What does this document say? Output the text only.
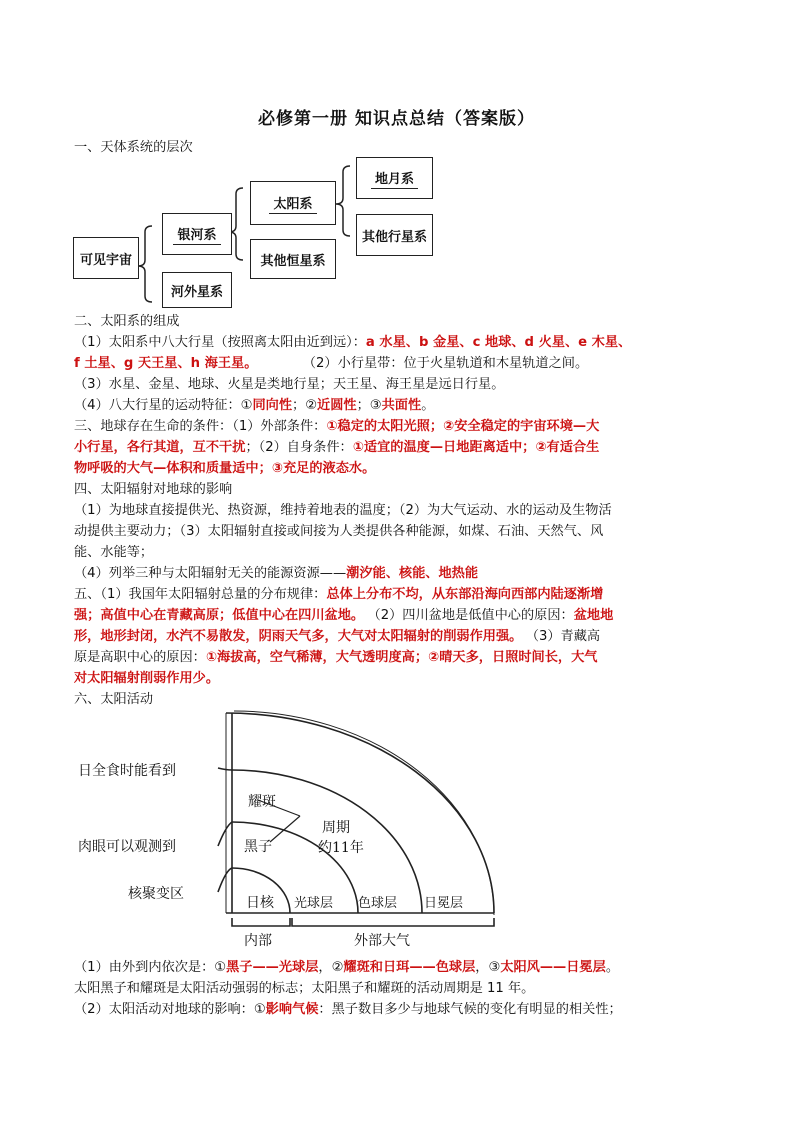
必修第一册 知识点总结（答案版）
一、天体系统的层次
可见宇宙
银河系
河外星系
太阳系
其他恒星系
地月系
其他行星系
二、太阳系的组成
（1）太阳系中八大行星（按照离太阳由近到远）：a 水星、b 金星、c 地球、d 火星、e 木星、
f 土星、g 天王星、h 海王星。	（2）小行星带：位于火星轨道和木星轨道之间。
（3）水星、金星、地球、火星是类地行星；天王星、海王星是远日行星。
（4）八大行星的运动特征：①同向性；②近圆性；③共面性。
三、地球存在生命的条件：（1）外部条件：①稳定的太阳光照；②安全稳定的宇宙环境—大
小行星，各行其道，互不干扰；（2）自身条件：①适宜的温度—日地距离适中；②有适合生
物呼吸的大气—体积和质量适中；③充足的液态水。
四、太阳辐射对地球的影响
（1）为地球直接提供光、热资源，维持着地表的温度；（2）为大气运动、水的运动及生物活
动提供主要动力；（3）太阳辐射直接或间接为人类提供各种能源，如煤、石油、天然气、风
能、水能等；
（4）列举三种与太阳辐射无关的能源资源——潮汐能、核能、地热能
五、（1）我国年太阳辐射总量的分布规律：总体上分布不均，从东部沿海向西部内陆逐渐增
强；高值中心在青藏高原；低值中心在四川盆地。 （2）四川盆地是低值中心的原因：盆地地
形，地形封闭，水汽不易散发，阴雨天气多，大气对太阳辐射的削弱作用强。 （3）青藏高
原是高职中心的原因：①海拔高，空气稀薄，大气透明度高；②晴天多，日照时间长，大气
对太阳辐射削弱作用少。
六、太阳活动
日全食时能看到
肉眼可以观测到
核聚变区
耀斑
周期
约11年
黑子
日核 光球层 色球层 日冕层
内部	外部大气
（1）由外到内依次是：①黑子——光球层，②耀斑和日珥——色球层，③太阳风——日冕层。
太阳黑子和耀斑是太阳活动强弱的标志；太阳黑子和耀斑的活动周期是 11 年。
（2）太阳活动对地球的影响：①影响气候：黑子数目多少与地球气候的变化有明显的相关性；
